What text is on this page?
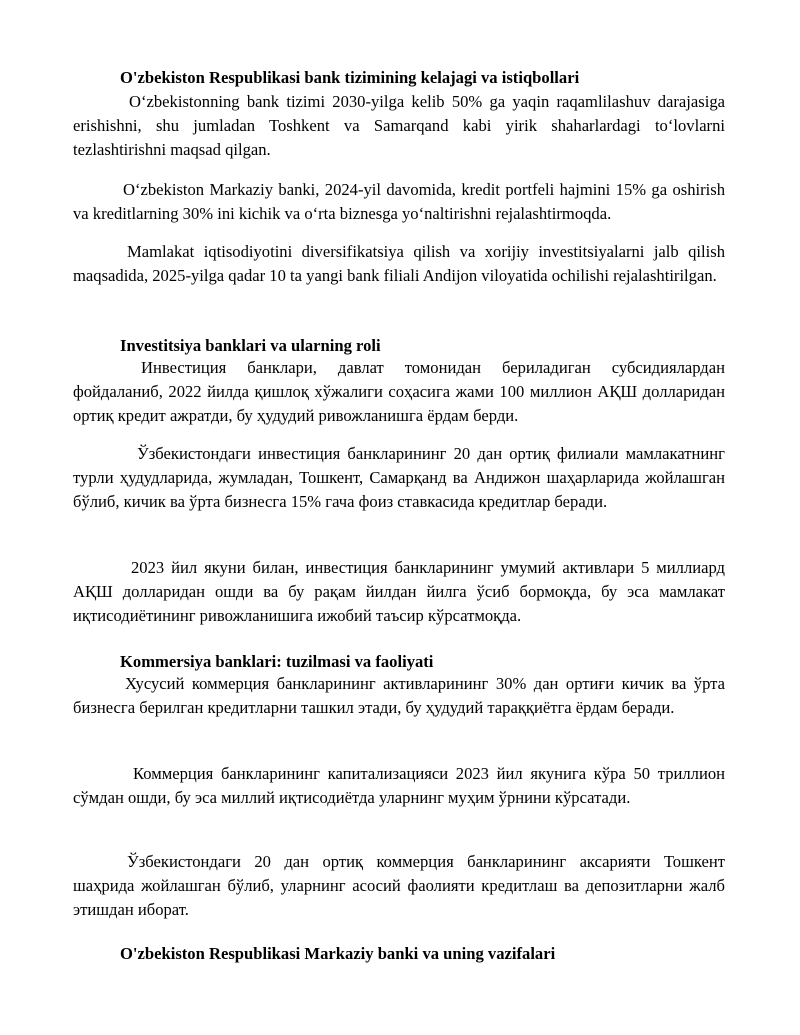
O'zbekiston Respublikasi bank tizimining kelajagi va istiqbollari

O‘zbekistonning bank tizimi 2030-yilga kelib 50% ga yaqin raqamlilashuv darajasiga erishishni, shu jumladan Toshkent va Samarqand kabi yirik shaharlardagi to‘lovlarni tezlashtirishni maqsad qilgan.

O‘zbekiston Markaziy banki, 2024-yil davomida, kredit portfeli hajmini 15% ga oshirish va kreditlarning 30% ini kichik va o‘rta biznesga yo‘naltirishni rejalashtirmoqda.

Mamlakat iqtisodiyotini diversifikatsiya qilish va xorijiy investitsiyalarni jalb qilish maqsadida, 2025-yilga qadar 10 ta yangi bank filiali Andijon viloyatida ochilishi rejalashtirilgan.

Investitsiya banklari va ularning roli

Инвестиция банклари, давлат томонидан бериладиган субсидиялардан фойдаланиб, 2022 йилда қишлоқ хўжалиги соҳасига жами 100 миллион АҚШ долларидан ортиқ кредит ажратди, бу ҳудудий ривожланишга ёрдам берди.

Ўзбекистондаги инвестиция банкларининг 20 дан ортиқ филиали мамлакатнинг турли ҳудудларида, жумладан, Тошкент, Самарқанд ва Андижон шаҳарларида жойлашган бўлиб, кичик ва ўрта бизнесга 15% гача фоиз ставкасида кредитлар беради.

2023 йил якуни билан, инвестиция банкларининг умумий активлари 5 миллиард АҚШ долларидан ошди ва бу рақам йилдан йилга ўсиб бормоқда, бу эса мамлакат иқтисодиётининг ривожланишига ижобий таъсир кўрсатмоқда.

Kommersiya banklari: tuzilmasi va faoliyati

Хусусий коммерция банкларининг активларининг 30% дан ортиғи кичик ва ўрта бизнесга берилган кредитларни ташкил этади, бу ҳудудий тараққиётга ёрдам беради.

Коммерция банкларининг капитализацияси 2023 йил якунига кўра 50 триллион сўмдан ошди, бу эса миллий иқтисодиётда уларнинг муҳим ўрнини кўрсатади.

Ўзбекистондаги 20 дан ортиқ коммерция банкларининг аксарияти Тошкент шаҳрида жойлашган бўлиб, уларнинг асосий фаолияти кредитлаш ва депозитларни жалб этишдан иборат.

O'zbekiston Respublikasi Markaziy banki va uning vazifalari
